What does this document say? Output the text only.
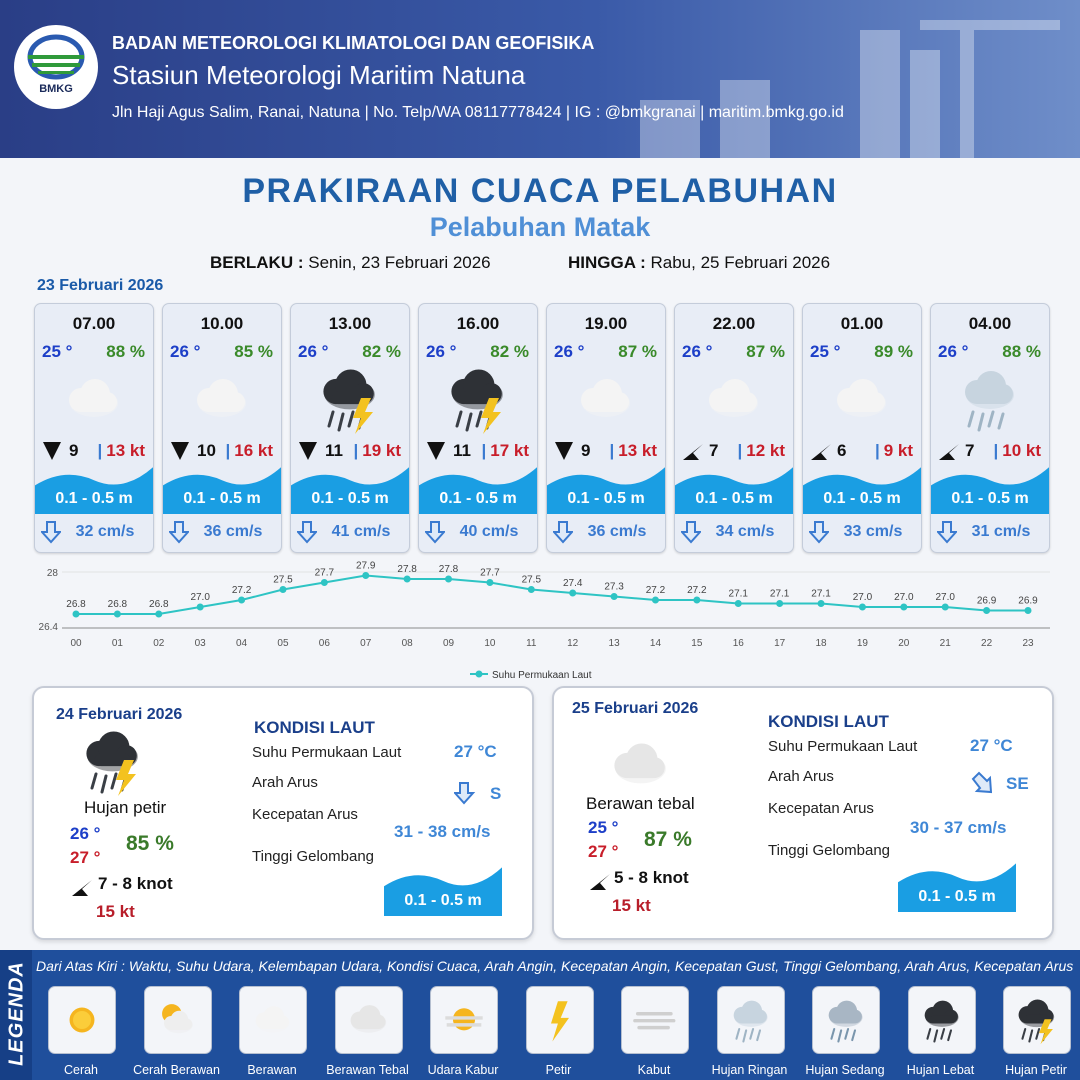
BMKG
BADAN METEOROLOGI KLIMATOLOGI DAN GEOFISIKA
Stasiun Meteorologi Maritim Natuna
Jln Haji Agus Salim, Ranai, Natuna | No. Telp/WA 08117778424 | IG : @bmkgranai | maritim.bmkg.go.id
PRAKIRAAN CUACA PELABUHAN
Pelabuhan Matak
BERLAKU : Senin, 23 Februari 2026	HINGGA : Rabu, 25 Februari 2026
23 Februari 2026
07.00
25 ° 88 %
9	| 13 kt
0.1 - 0.5 m
32 cm/s
10.00
26 ° 85 %
10	| 16 kt
0.1 - 0.5 m
36 cm/s
13.00
26 ° 82 %
11	| 19 kt
0.1 - 0.5 m
41 cm/s
16.00
26 ° 82 %
11	| 17 kt
0.1 - 0.5 m
40 cm/s
19.00
26 ° 87 %
9	| 13 kt
0.1 - 0.5 m
36 cm/s
22.00
26 ° 87 %
7	| 12 kt
0.1 - 0.5 m
34 cm/s
01.00
25 ° 89 %
6	| 9 kt
0.1 - 0.5 m
33 cm/s
04.00
26 ° 88 %
7	| 10 kt
0.1 - 0.5 m
31 cm/s
28
26.4
26.8
00
26.8
01
26.8
02
27.0
03
27.2
04
27.5
05
27.7
06
27.9
07
27.8
08
27.8
09
27.7
10
27.5
11
27.4
12
27.3
13
27.2
14
27.2
15
27.1
16
27.1
17
27.1
18
27.0
19
27.0
20
27.0
21
26.9
22
26.9
23
Suhu Permukaan Laut
24 Februari 2026
Hujan petir
26 °
27 °
85 %
7 - 8 knot
15 kt
KONDISI LAUT
Suhu Permukaan Laut	27 °C
Arah Arus
S
Kecepatan Arus
31 - 38 cm/s
Tinggi Gelombang
0.1 - 0.5 m
25 Februari 2026
Berawan tebal
25 °
27 °
87 %
5 - 8 knot
15 kt
KONDISI LAUT
Suhu Permukaan Laut	27 °C
Arah Arus	SE
Kecepatan Arus
30 - 37 cm/s
Tinggi Gelombang
0.1 - 0.5 m
LEGENDA Dari Atas Kiri : Waktu, Suhu Udara, Kelembapan Udara, Kondisi Cuaca, Arah Angin, Kecepatan Angin, Kecepatan Gust, Tinggi Gelombang, Arah Arus, Kecepatan Arus
Cerah	Cerah Berawan	Berawan	Berawan Tebal	Udara Kabur	Petir	Kabut	Hujan Ringan	Hujan Sedang	Hujan Lebat	Hujan Petir
